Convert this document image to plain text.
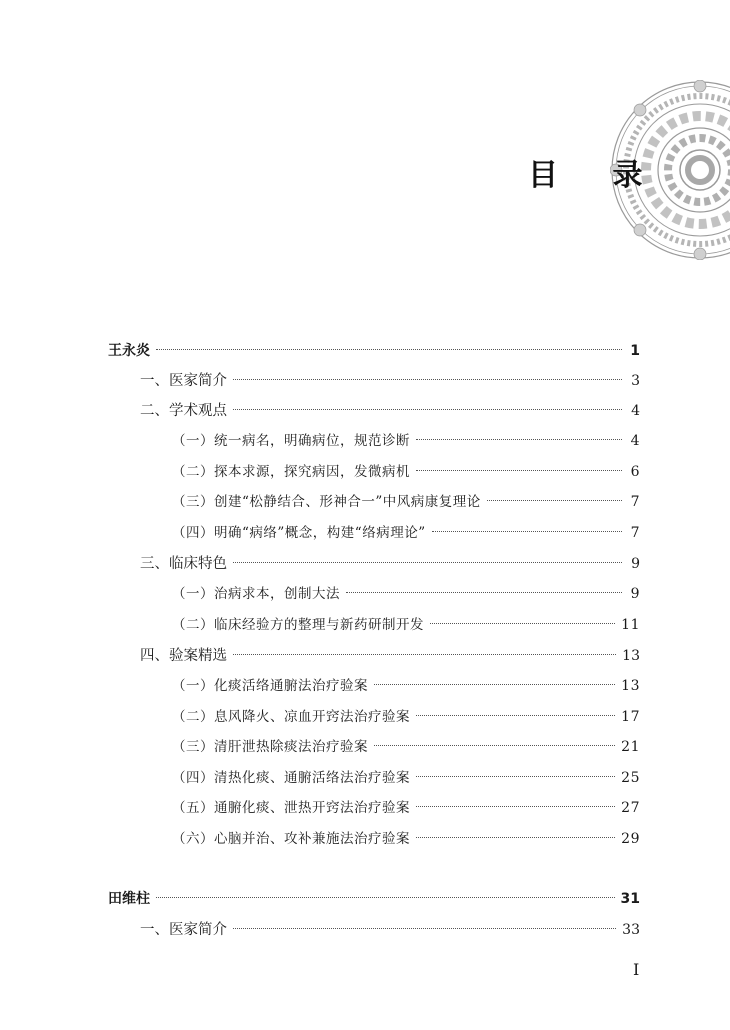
目 录
王永炎	1
一、医家简介	3
二、学术观点	4
（一）统一病名，明确病位，规范诊断	4
（二）探本求源，探究病因，发微病机	6
（三）创建“松静结合、形神合一”中风病康复理论	7
（四）明确“病络”概念，构建“络病理论”	7
三、临床特色	9
（一）治病求本，创制大法	9
（二）临床经验方的整理与新药研制开发	11
四、验案精选	13
（一）化痰活络通腑法治疗验案	13
（二）息风降火、凉血开窍法治疗验案	17
（三）清肝泄热除痰法治疗验案	21
（四）清热化痰、通腑活络法治疗验案	25
（五）通腑化痰、泄热开窍法治疗验案	27
（六）心脑并治、攻补兼施法治疗验案	29
田维柱	31
一、医家简介	33
I
